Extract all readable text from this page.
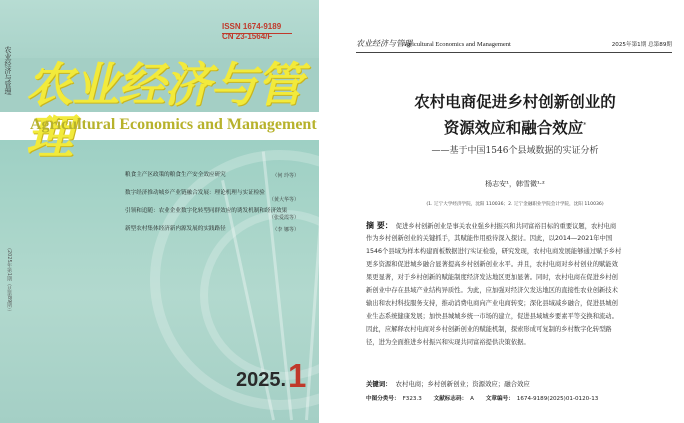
农业经济与管理
（2025年第1期（总第89期））
ISSN 1674-9189
CN 23-1564/F
农业经济与管理
Agricultural Economics and Management
粮食主产区政策的粮食生产安全效应研究	（何 玲等）
数字经济推动城乡产业链融合发展：理论机理与实证检验
（黄大华等）
引领和追随：农业企业数字化转型同群效应的诱发机制和经济效果
（张爱霞等）
新型农村集体经济新内源发展的实践路径	（李 娜等）
2025. 1
农业经济与管理
Agricultural Economics and Management	2025年第1期 总第89期
农村电商促进乡村创新创业的
资源效应和融合效应*
——基于中国1546个县域数据的实证分析
杨志安¹，韩雪微¹·²
(1. 辽宁大学经济学院，沈阳 110036；2. 辽宁金融职业学院会计学院，沈阳 110036)
摘 要： 促进乡村创新创业是事关农业强乡村振兴和共同富裕目标的重要议题，农村电商
作为乡村创新创业的关键抓手，其赋能作用亟待深入探讨。因此，以2014—2021年中国
1546个县域为样本构建面板数据进行实证检验，研究发现，农村电商发展能够通过赋予乡村
更多资源和促进城乡融合显著提高乡村创新创业水平。并且，农村电商对乡村创业的赋能效
果更显著，对于乡村创新的赋能制度经济发达地区更加显著。同时，农村电商在促进乡村创
新创业中存在县域产业结构异质性。为此，应加强对经济欠发达地区的直接性农业创新技术
输出和农村科技服务支持，推动消费电商向产业电商转变；深化县域减乡融合，促进县城创
业生态系统健康发展；加快县城城乡统一市场的建立，促进县域城乡要素平等交换和流动。
因此，应解释农村电商对乡村创新创业的赋能机制，探索形成可复制的乡村数字化转型路
径，进为全面推进乡村振兴和实现共同富裕提供决策依据。
关键词： 农村电商；乡村创新创业；资源效应；融合效应
中图分类号： F323.3 文献标志码： A 文章编号： 1674-9189(2025)01-0120-13
